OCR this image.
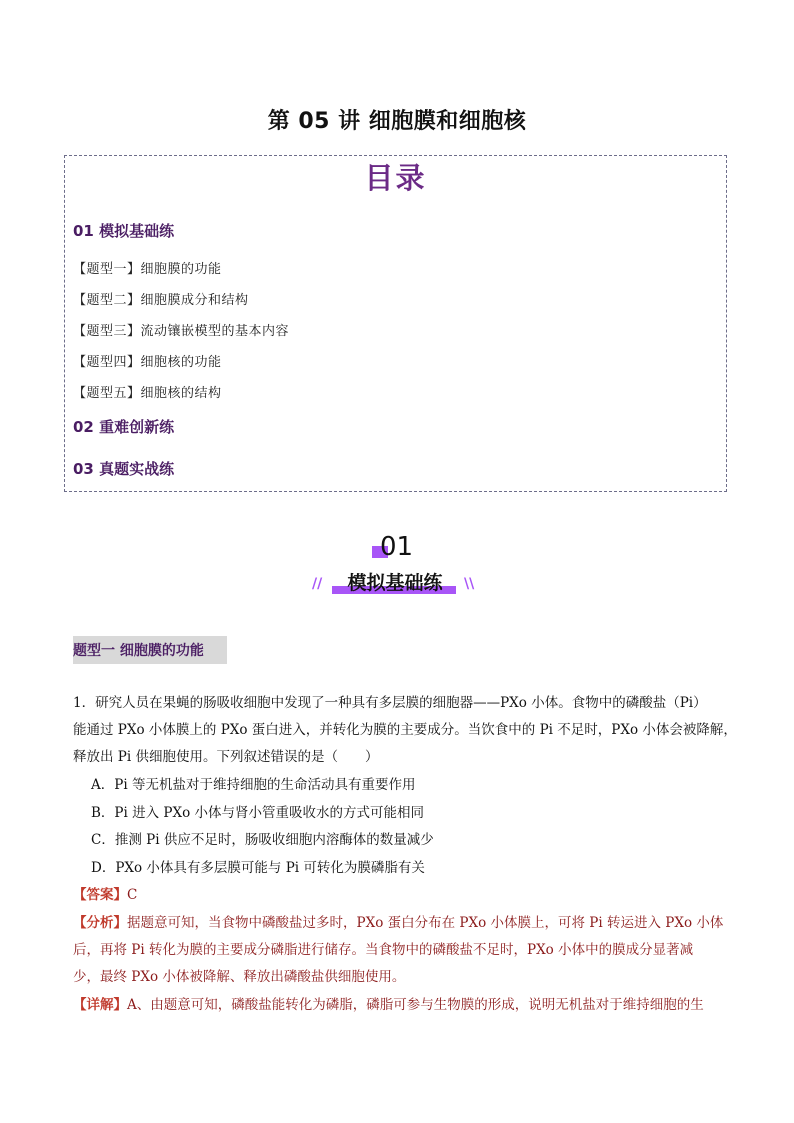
第 05 讲 细胞膜和细胞核
目录
01 模拟基础练
【题型一】细胞膜的功能
【题型二】细胞膜成分和结构
【题型三】流动镶嵌模型的基本内容
【题型四】细胞核的功能
【题型五】细胞核的结构
02 重难创新练
03 真题实战练
01
模拟基础练
//	\\
题型一 细胞膜的功能
1．研究人员在果蝇的肠吸收细胞中发现了一种具有多层膜的细胞器——PXo 小体。食物中的磷酸盐（Pi）
能通过 PXo 小体膜上的 PXo 蛋白进入，并转化为膜的主要成分。当饮食中的 Pi 不足时，PXo 小体会被降解，
释放出 Pi 供细胞使用。下列叙述错误的是（　　）
A．Pi 等无机盐对于维持细胞的生命活动具有重要作用
B．Pi 进入 PXo 小体与肾小管重吸收水的方式可能相同
C．推测 Pi 供应不足时，肠吸收细胞内溶酶体的数量减少
D．PXo 小体具有多层膜可能与 Pi 可转化为膜磷脂有关
【答案】C
【分析】据题意可知，当食物中磷酸盐过多时，PXo 蛋白分布在 PXo 小体膜上，可将 Pi 转运进入 PXo 小体
后，再将 Pi 转化为膜的主要成分磷脂进行储存。当食物中的磷酸盐不足时，PXo 小体中的膜成分显著减
少，最终 PXo 小体被降解、释放出磷酸盐供细胞使用。
【详解】A、由题意可知，磷酸盐能转化为磷脂，磷脂可参与生物膜的形成，说明无机盐对于维持细胞的生
